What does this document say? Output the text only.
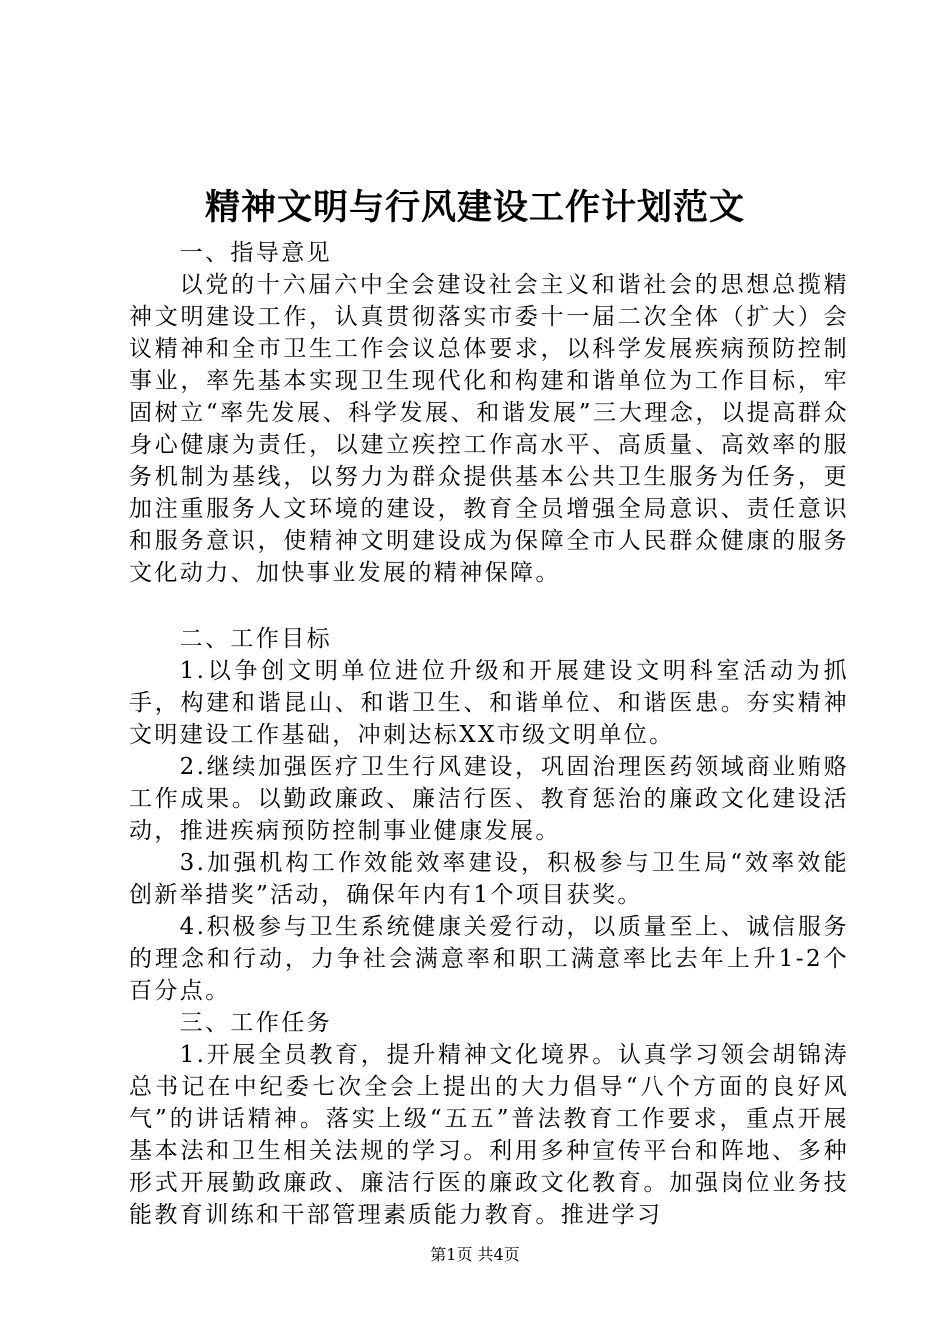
精神文明与行风建设工作计划范文

一、指导意见

以党的十六届六中全会建设社会主义和谐社会的思想总揽精神文明建设工作，认真贯彻落实市委十一届二次全体（扩大）会议精神和全市卫生工作会议总体要求，以科学发展疾病预防控制事业，率先基本实现卫生现代化和构建和谐单位为工作目标，牢固树立“率先发展、科学发展、和谐发展”三大理念，以提高群众身心健康为责任，以建立疾控工作高水平、高质量、高效率的服务机制为基线，以努力为群众提供基本公共卫生服务为任务，更加注重服务人文环境的建设，教育全员增强全局意识、责任意识和服务意识，使精神文明建设成为保障全市人民群众健康的服务文化动力、加快事业发展的精神保障。

二、工作目标

1.以争创文明单位进位升级和开展建设文明科室活动为抓手，构建和谐昆山、和谐卫生、和谐单位、和谐医患。夯实精神文明建设工作基础，冲刺达标XX市级文明单位。

2.继续加强医疗卫生行风建设，巩固治理医药领域商业贿赂工作成果。以勤政廉政、廉洁行医、教育惩治的廉政文化建设活动，推进疾病预防控制事业健康发展。

3.加强机构工作效能效率建设，积极参与卫生局“效率效能创新举措奖”活动，确保年内有1个项目获奖。

4.积极参与卫生系统健康关爱行动，以质量至上、诚信服务的理念和行动，力争社会满意率和职工满意率比去年上升1-2个百分点。

三、工作任务

1.开展全员教育，提升精神文化境界。认真学习领会胡锦涛总书记在中纪委七次全会上提出的大力倡导“八个方面的良好风气”的讲话精神。落实上级“五五”普法教育工作要求，重点开展基本法和卫生相关法规的学习。利用多种宣传平台和阵地、多种形式开展勤政廉政、廉洁行医的廉政文化教育。加强岗位业务技能教育训练和干部管理素质能力教育。推进学习

第1页 共4页
